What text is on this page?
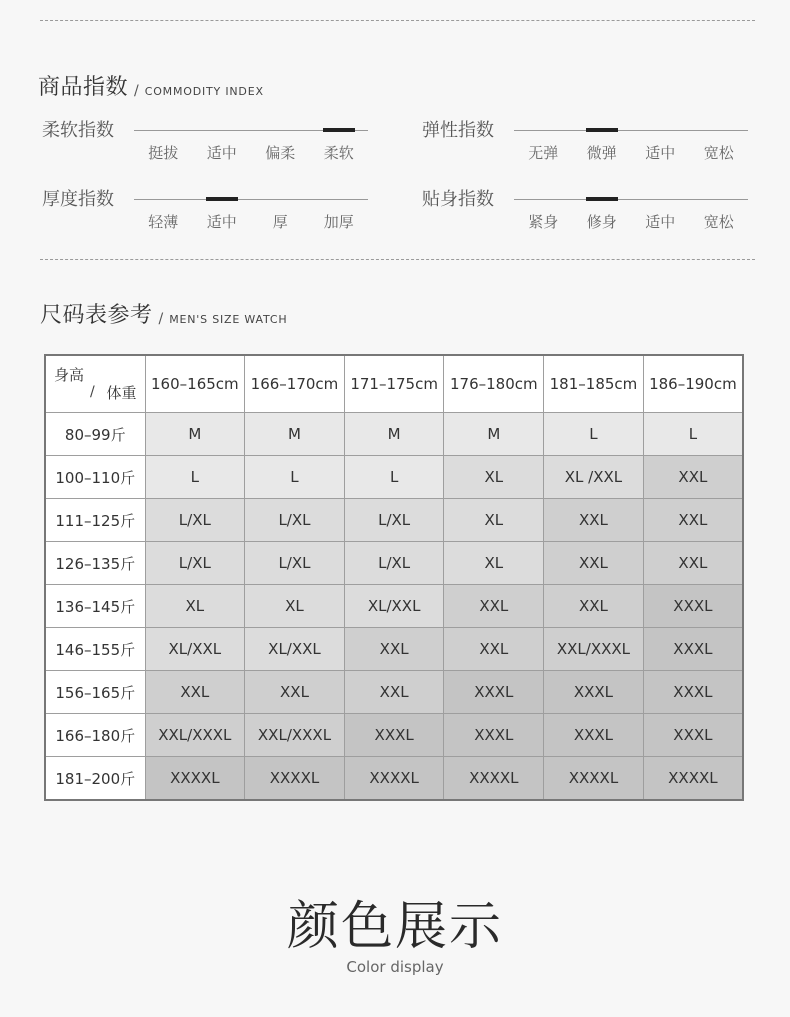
商品指数 / COMMODITY INDEX
柔软指数
挺拔 适中 偏柔 柔软
弹性指数
无弹 微弹 适中 宽松
厚度指数
轻薄 适中 厚 加厚
贴身指数
紧身 修身 适中 宽松
尺码表参考 / MEN'S SIZE WATCH
身高
/ 体重	160–165cm	166–170cm	171–175cm	176–180cm	181–185cm	186–190cm
80–99斤	M	M	M	M	L	L
100–110斤	L	L	L	XL	XL /XXL	XXL
111–125斤	L/XL	L/XL	L/XL	XL	XXL	XXL
126–135斤	L/XL	L/XL	L/XL	XL	XXL	XXL
136–145斤	XL	XL	XL/XXL	XXL	XXL	XXXL
146–155斤	XL/XXL	XL/XXL	XXL	XXL	XXL/XXXL	XXXL
156–165斤	XXL	XXL	XXL	XXXL	XXXL	XXXL
166–180斤	XXL/XXXL	XXL/XXXL	XXXL	XXXL	XXXL	XXXL
181–200斤	XXXXL	XXXXL	XXXXL	XXXXL	XXXXL	XXXXL
颜色展示
Color display
